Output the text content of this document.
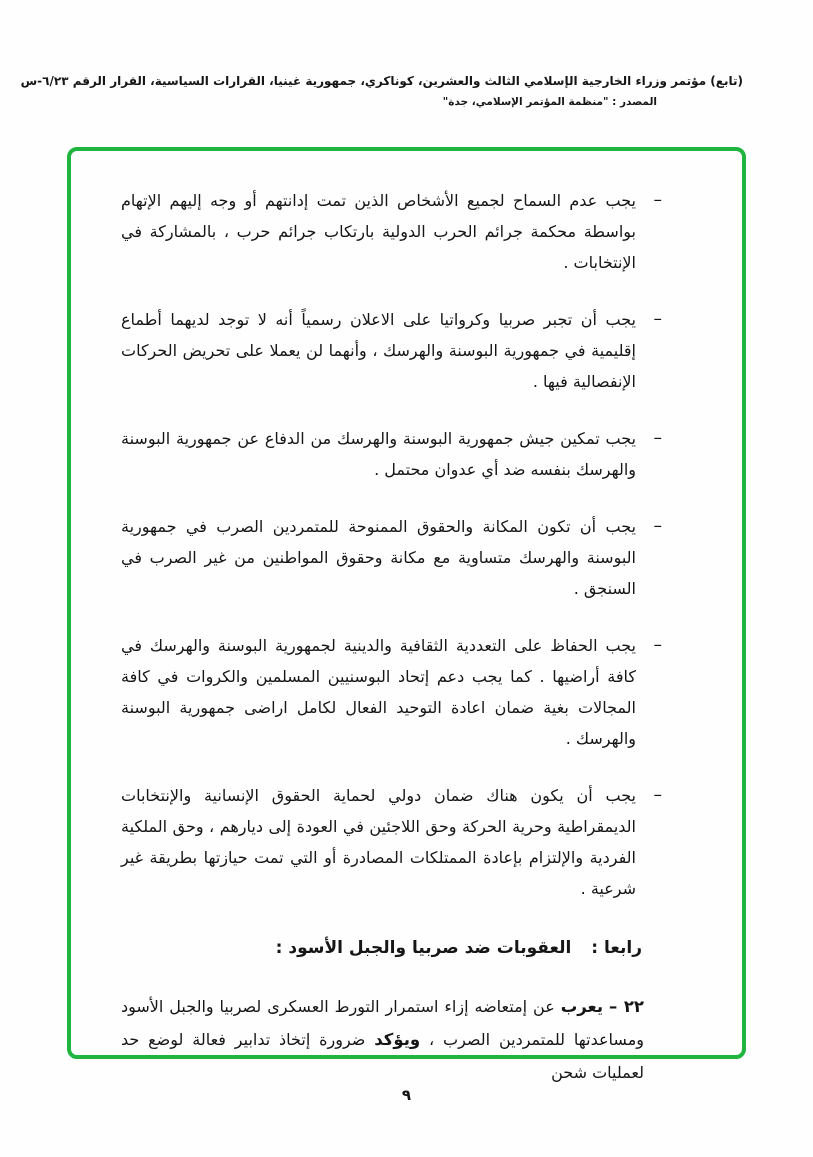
(تابع) مؤتمر وزراء الخارجية الإسلامي الثالث والعشرين، كوناكري، جمهورية غينيا، القرارات السياسية، القرار الرقم ٦/٢٣-س
المصدر : "منظمة المؤتمر الإسلامي، جدة"
–

يجب عدم السماح لجميع الأشخاص الذين تمت إدانتهم أو وجه إليهم الإتهام بواسطة محكمة جرائم الحرب الدولية بارتكاب جرائم حرب ، بالمشاركة في الإنتخابات .

–

يجب أن تجبر صربيا وكرواتيا على الاعلان رسمياً أنه لا توجد لديهما أطماع إقليمية في جمهورية البوسنة والهرسك ، وأنهما لن يعملا على تحريض الحركات الإنفصالية فيها .

–

يجب تمكين جيش جمهورية البوسنة والهرسك من الدفاع عن جمهورية البوسنة والهرسك بنفسه ضد أي عدوان محتمل .

–

يجب أن تكون المكانة والحقوق الممنوحة للمتمردين الصرب في جمهورية البوسنة والهرسك متساوية مع مكانة وحقوق المواطنين من غير الصرب في السنجق .

–

يجب الحفاظ على التعددية الثقافية والدينية لجمهورية البوسنة والهرسك في كافة أراضيها . كما يجب دعم إتحاد البوسنيين المسلمين والكروات في كافة المجالات بغية ضمان اعادة التوحيد الفعال لكامل اراضى جمهورية البوسنة والهرسك .

–

يجب أن يكون هناك ضمان دولي لحماية الحقوق الإنسانية والإنتخابات الديمقراطية وحرية الحركة وحق اللاجئين في العودة إلى ديارهم ، وحق الملكية الفردية والإلتزام بإعادة الممتلكات المصادرة أو التي تمت حيازتها بطريقة غير شرعية .

رابعا :
العقوبات ضد صربيا والجبل الأسود :

٢٢ – يعرب عن إمتعاضه إزاء استمرار التورط العسكرى لصربيا والجبل الأسود ومساعدتها للمتمردين الصرب ، ويؤكد ضرورة إتخاذ تدابير فعالة لوضع حد لعمليات شحن

٩
